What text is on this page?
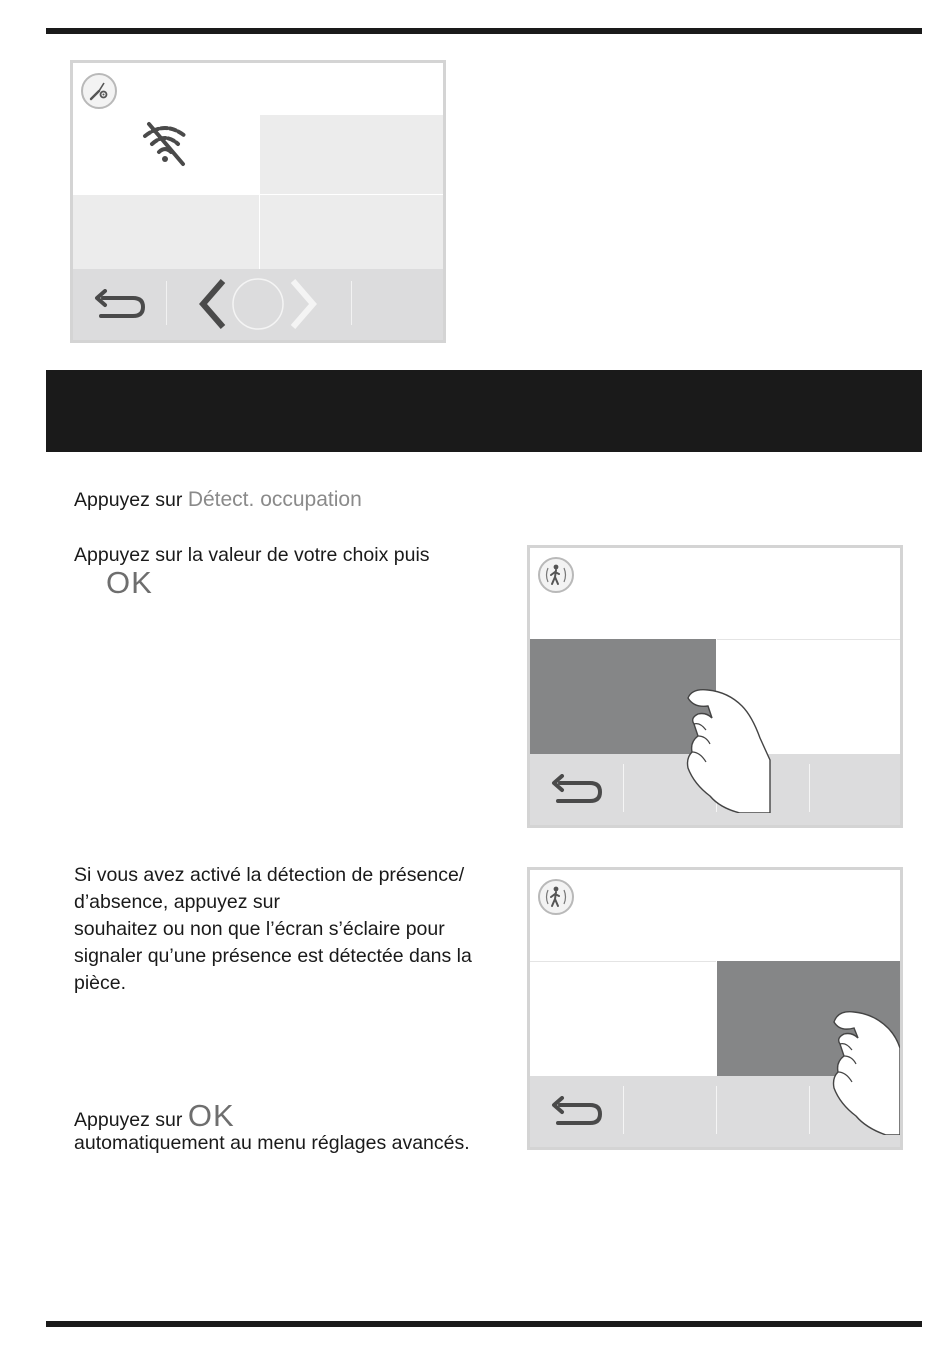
Appuyez sur Détect. occupation
Appuyez sur la valeur de votre choix puis
OK
Si vous avez activé la détection de présence/
d’absence, appuyez sur
souhaitez ou non que l’écran s’éclaire pour
signaler qu’une présence est détectée dans la
pièce.
Appuyez sur OK
automatiquement au menu réglages avancés.
